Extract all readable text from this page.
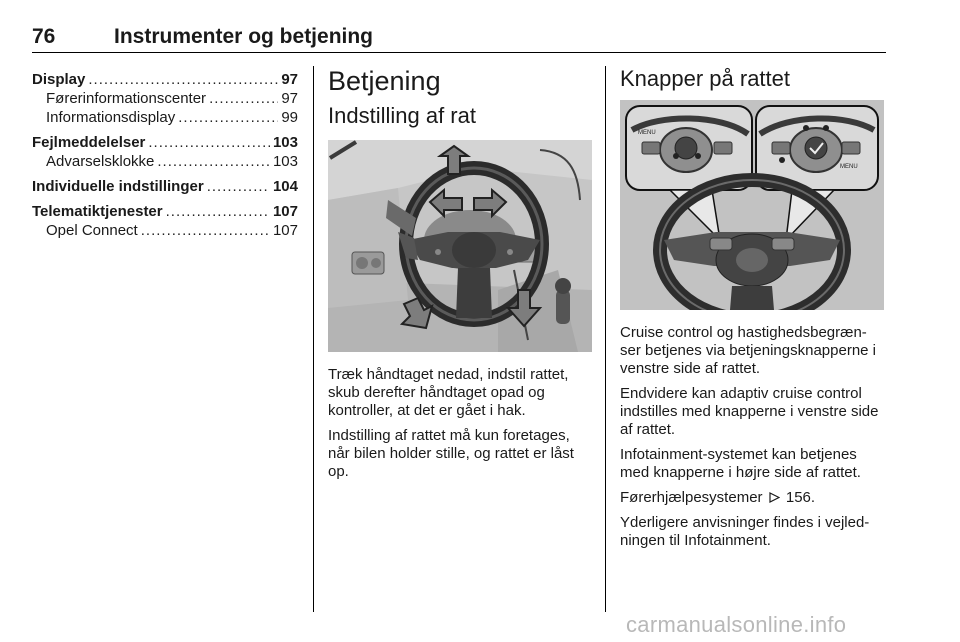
76	Instrumenter og betjening
Display .....	97
Førerinformationscenter .....	97
Informationsdisplay .....	99
Fejlmeddelelser .....	103
Advarselsklokke .....	103
Individuelle indstillinger .....	104
Telematiktjenester .....	107
Opel Connect .....	107
Betjening
Indstilling af rat

Træk håndtaget nedad, indstil rattet, skub derefter håndtaget opad og kontroller, at det er gået i hak.

Indstilling af rattet må kun foretages, når bilen holder stille, og rattet er låst op.

Knapper på rattet
MENU
MENU

Cruise control og hastighedsbegræn-ser betjenes via betjeningsknapperne i venstre side af rattet.

Endvidere kan adaptiv cruise control indstilles med knapperne i venstre side af rattet.

Infotainment-systemet kan betjenes med knapperne i højre side af rattet.

Førerhjælpesystemer 156.

Yderligere anvisninger findes i vejled-ningen til Infotainment.

carmanualsonline.info
